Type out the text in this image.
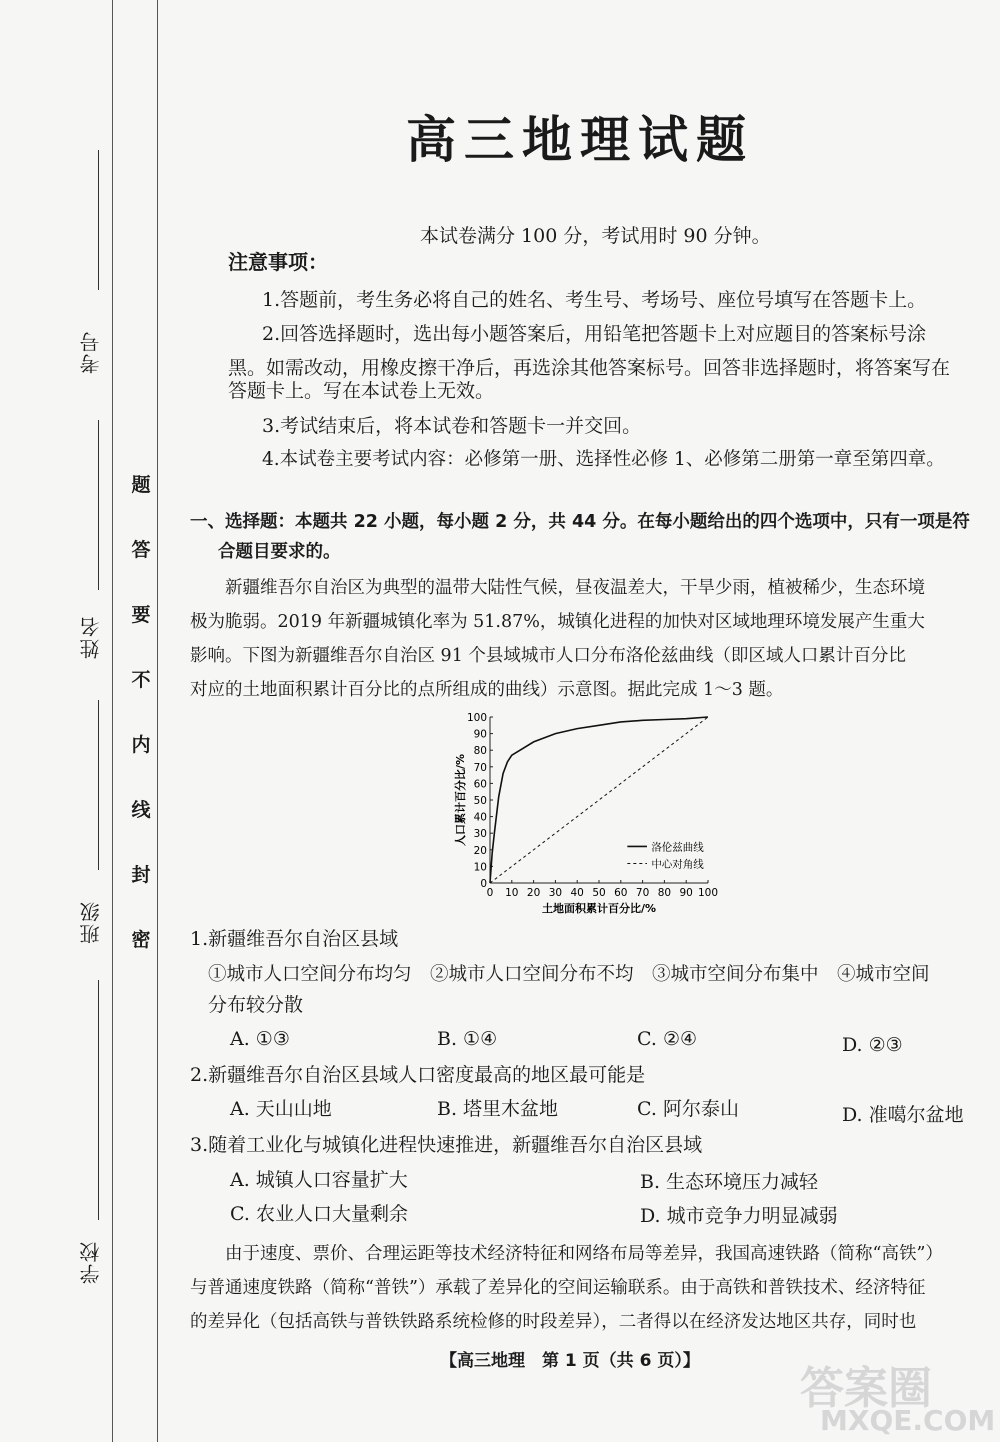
考号
姓名
班级
学校
密
封
线
内
不
要
答
题
高三地理试题
本试卷满分 100 分，考试用时 90 分钟。
注意事项：
1.答题前，考生务必将自己的姓名、考生号、考场号、座位号填写在答题卡上。
2.回答选择题时，选出每小题答案后，用铅笔把答题卡上对应题目的答案标号涂
黑。如需改动，用橡皮擦干净后，再选涂其他答案标号。回答非选择题时，将答案写在
答题卡上。写在本试卷上无效。
3.考试结束后，将本试卷和答题卡一并交回。
4.本试卷主要考试内容：必修第一册、选择性必修 1、必修第二册第一章至第四章。
一、选择题：本题共 22 小题，每小题 2 分，共 44 分。在每小题给出的四个选项中，只有一项是符
合题目要求的。
新疆维吾尔自治区为典型的温带大陆性气候，昼夜温差大，干旱少雨，植被稀少，生态环境
极为脆弱。2019 年新疆城镇化率为 51.87%，城镇化进程的加快对区域地理环境发展产生重大
影响。下图为新疆维吾尔自治区 91 个县域城市人口分布洛伦兹曲线（即区域人口累计百分比
对应的土地面积累计百分比的点所组成的曲线）示意图。据此完成 1～3 题。
0 10 20 30 40 50 60 70 80 90 100
0
10
20
30
40
50
60
70
80
90
100
土地面积累计百分比/%
人口累计百分比/%
洛伦兹曲线
中心对角线
1.新疆维吾尔自治区县域
①城市人口空间分布均匀　②城市人口空间分布不均　③城市空间分布集中　④城市空间
分布较分散
A. ①③	B. ①④	C. ②④	D. ②③
2.新疆维吾尔自治区县域人口密度最高的地区最可能是
A. 天山山地	B. 塔里木盆地	C. 阿尔泰山	D. 准噶尔盆地
3.随着工业化与城镇化进程快速推进，新疆维吾尔自治区县域
A. 城镇人口容量扩大	B. 生态环境压力减轻
C. 农业人口大量剩余	D. 城市竞争力明显减弱
由于速度、票价、合理运距等技术经济特征和网络布局等差异，我国高速铁路（简称“高铁”）
与普通速度铁路（简称“普铁”）承载了差异化的空间运输联系。由于高铁和普铁技术、经济特征
的差异化（包括高铁与普铁铁路系统检修的时段差异），二者得以在经济发达地区共存，同时也
【高三地理　第 1 页（共 6 页）】
答案圈
MXQE.COM
